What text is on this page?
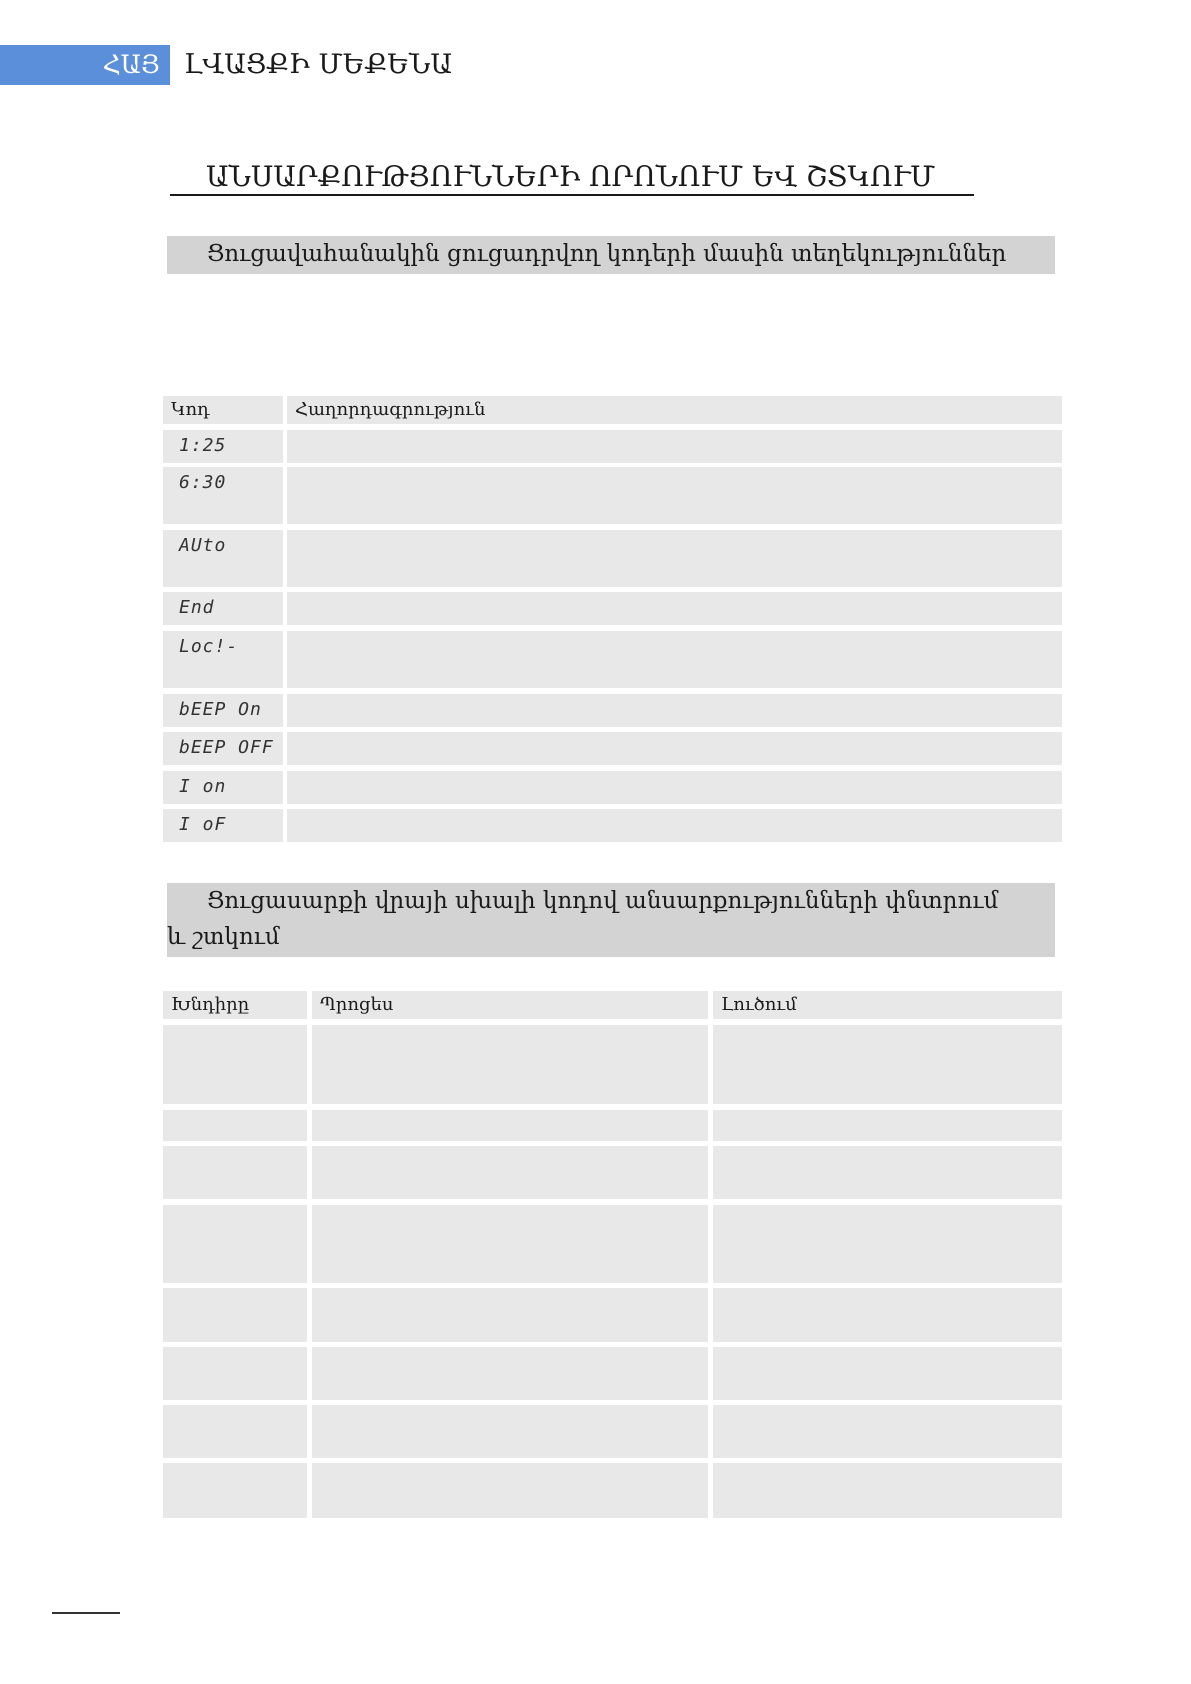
ՀԱՅ ԼՎԱՑՔԻ ՄԵՔԵՆԱ
ԱՆՍԱՐՔՈՒԹՅՈՒՆՆԵՐԻ ՈՐՈՆՈՒՄ ԵՎ ՇՏԿՈՒՄ
Ցուցավահանակին ցուցադրվող կոդերի մասին տեղեկություններ
Կոդ	Հաղորդագրություն
1:25
6:30
AUto
End
Loc!-
bEEP On
bEEP OFF
I on
I oF
Ցուցասարքի վրայի սխալի կոդով անսարքությունների փնտրում
և շտկում
Խնդիրը	Պրոցես	Լուծում
